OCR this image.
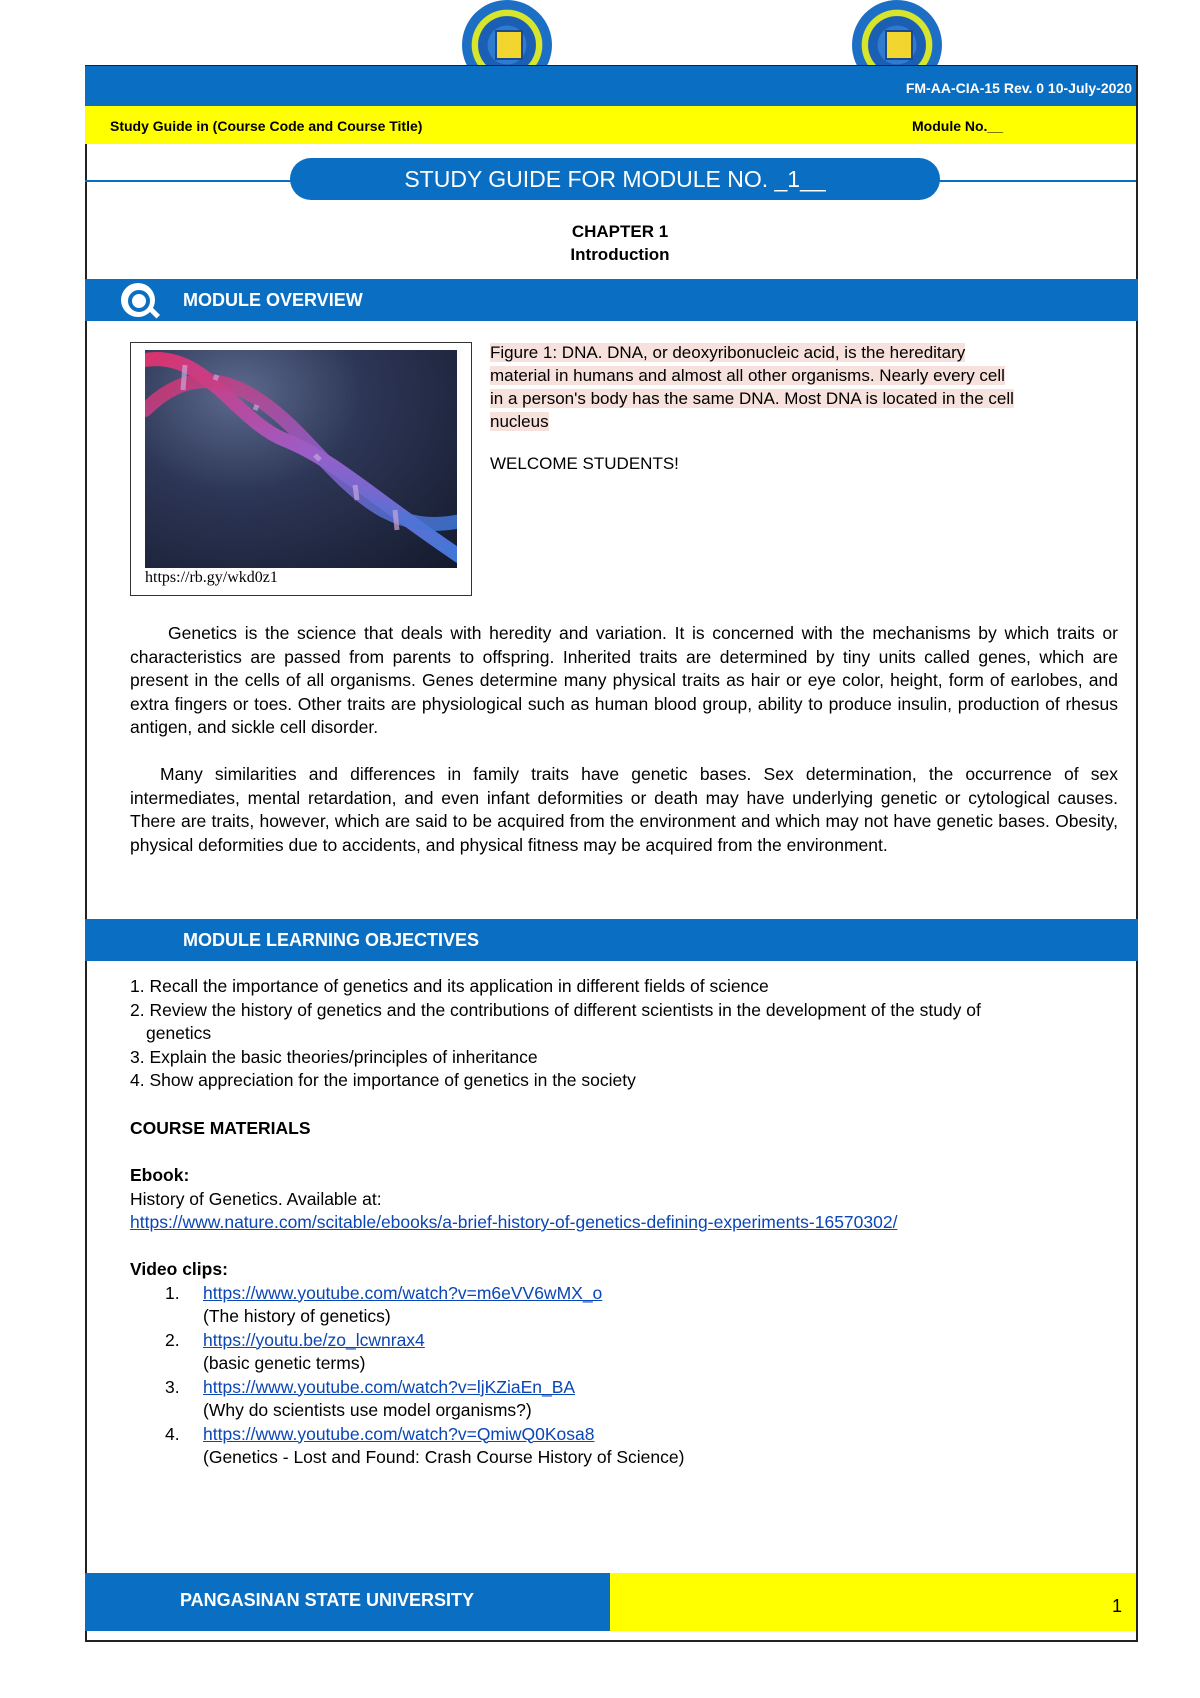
FM-AA-CIA-15 Rev. 0 10-July-2020
Study Guide in (Course Code and Course Title)	Module No.__
STUDY GUIDE FOR MODULE NO. _1__
CHAPTER 1
Introduction
MODULE OVERVIEW
https://rb.gy/wkd0z1
Figure 1: DNA. DNA, or deoxyribonucleic acid, is the hereditary
material in humans and almost all other organisms. Nearly every cell
in a person's body has the same DNA. Most DNA is located in the cell
nucleus
WELCOME STUDENTS!
Genetics is the science that deals with heredity and variation. It is concerned with the mechanisms by which traits or characteristics are passed from parents to offspring. Inherited traits are determined by tiny units called genes, which are present in the cells of all organisms. Genes determine many physical traits as hair or eye color, height, form of earlobes, and extra fingers or toes. Other traits are physiological such as human blood group, ability to produce insulin, production of rhesus antigen, and sickle cell disorder.
Many similarities and differences in family traits have genetic bases. Sex determination, the occurrence of sex intermediates, mental retardation, and even infant deformities or death may have underlying genetic or cytological causes. There are traits, however, which are said to be acquired from the environment and which may not have genetic bases. Obesity, physical deformities due to accidents, and physical fitness may be acquired from the environment.
MODULE LEARNING OBJECTIVES
1. Recall the importance of genetics and its application in different fields of science
2. Review the history of genetics and the contributions of different scientists in the development of the study of
genetics
3. Explain the basic theories/principles of inheritance
4. Show appreciation for the importance of genetics in the society
COURSE MATERIALS
Ebook:
History of Genetics. Available at:
https://www.nature.com/scitable/ebooks/a-brief-history-of-genetics-defining-experiments-16570302/
Video clips:
1. https://www.youtube.com/watch?v=m6eVV6wMX_o
(The history of genetics)
2. https://youtu.be/zo_lcwnrax4
(basic genetic terms)
3. https://www.youtube.com/watch?v=ljKZiaEn_BA
(Why do scientists use model organisms?)
4. https://www.youtube.com/watch?v=QmiwQ0Kosa8
(Genetics - Lost and Found: Crash Course History of Science)
PANGASINAN STATE UNIVERSITY	1
